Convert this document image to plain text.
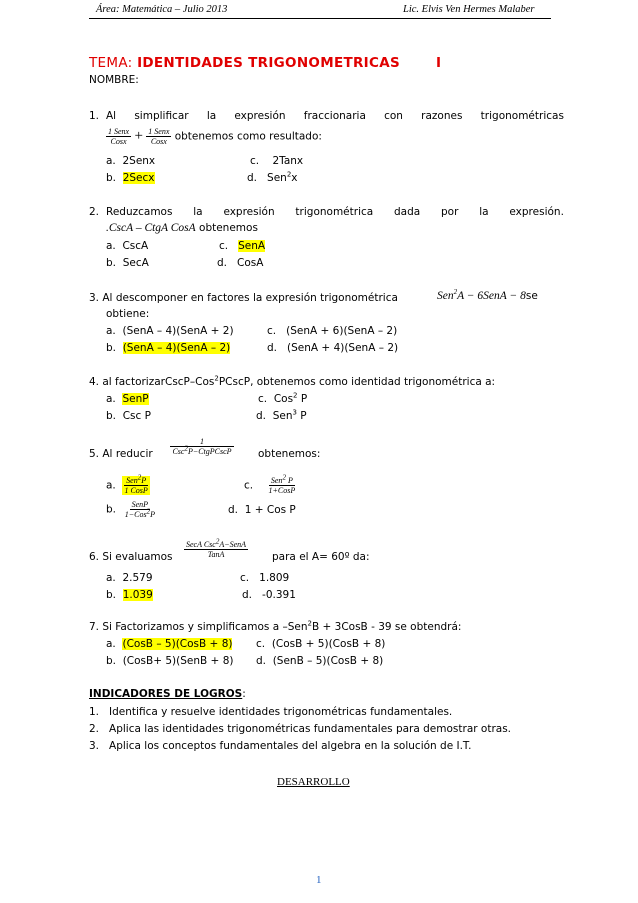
Área: Matemática – Julio 2013	Lic. Elvis Ven Hermes Malaber
TEMA: IDENTIDADES TRIGONOMETRICAS	I
NOMBRE:
1. Al simplificar la expresión fraccionaria con razones trigonométricas
$\frac{\text{1 Senx}}{\text{Cosx}} + \frac{\text{1 Senx}}{\text{Cosx}}$ obtenemos como resultado:
a. 2Senx
b. 2Secx
c. 2Tanx
d. Sen$^2$x
2. Reduzcamos la expresión trigonométrica dada por la expresión.
.CscA – CtgA CosA obtenemos
a. CscA
b. SecA
c. SenA
d. CosA
3. Al descomponer en factores la expresión trigonométrica	Sen$^2$A − 6SenA − 8se
obtiene:
a. (SenA – 4)(SenA + 2)
b. (SenA – 4)(SenA – 2)
c. (SenA + 6)(SenA – 2)
d. (SenA + 4)(SenA – 2)
4. al factorizarCscP–Cos$^2$PCscP, obtenemos como identidad trigonométrica a:
a. SenP
b. Csc P
c. Cos$^2$ P
d. Sen$^3$ P
5. Al reducir $\frac{1}{Csc^2P-CtgPCscP}$ obtenemos:
a. $\frac{Sen^2P}{\text{1 CosP}}$
b. $\frac{\text{SenP}}{1-Cos^2P}$
c. $\frac{Sen^2 P}{\text{1+CosP}}$
d. 1 + Cos P
6. Si evaluamos $\frac{SecA Csc^2A-SenA}{\text{TanA}}$ para el A= 60º da:
a. 2.579
b. 1.039
c. 1.809
d. -0.391
7. Si Factorizamos y simplificamos a –Sen$^2$B + 3CosB - 39 se obtendrá:
a. (CosB – 5)(CosB + 8)
b. (CosB+ 5)(SenB + 8)
c. (CosB + 5)(CosB + 8)
d. (SenB – 5)(CosB + 8)
INDICADORES DE LOGROS:
1. Identifica y resuelve identidades trigonométricas fundamentales.
2. Aplica las identidades trigonométricas fundamentales para demostrar otras.
3. Aplica los conceptos fundamentales del algebra en la solución de I.T.
DESARROLLO
1
